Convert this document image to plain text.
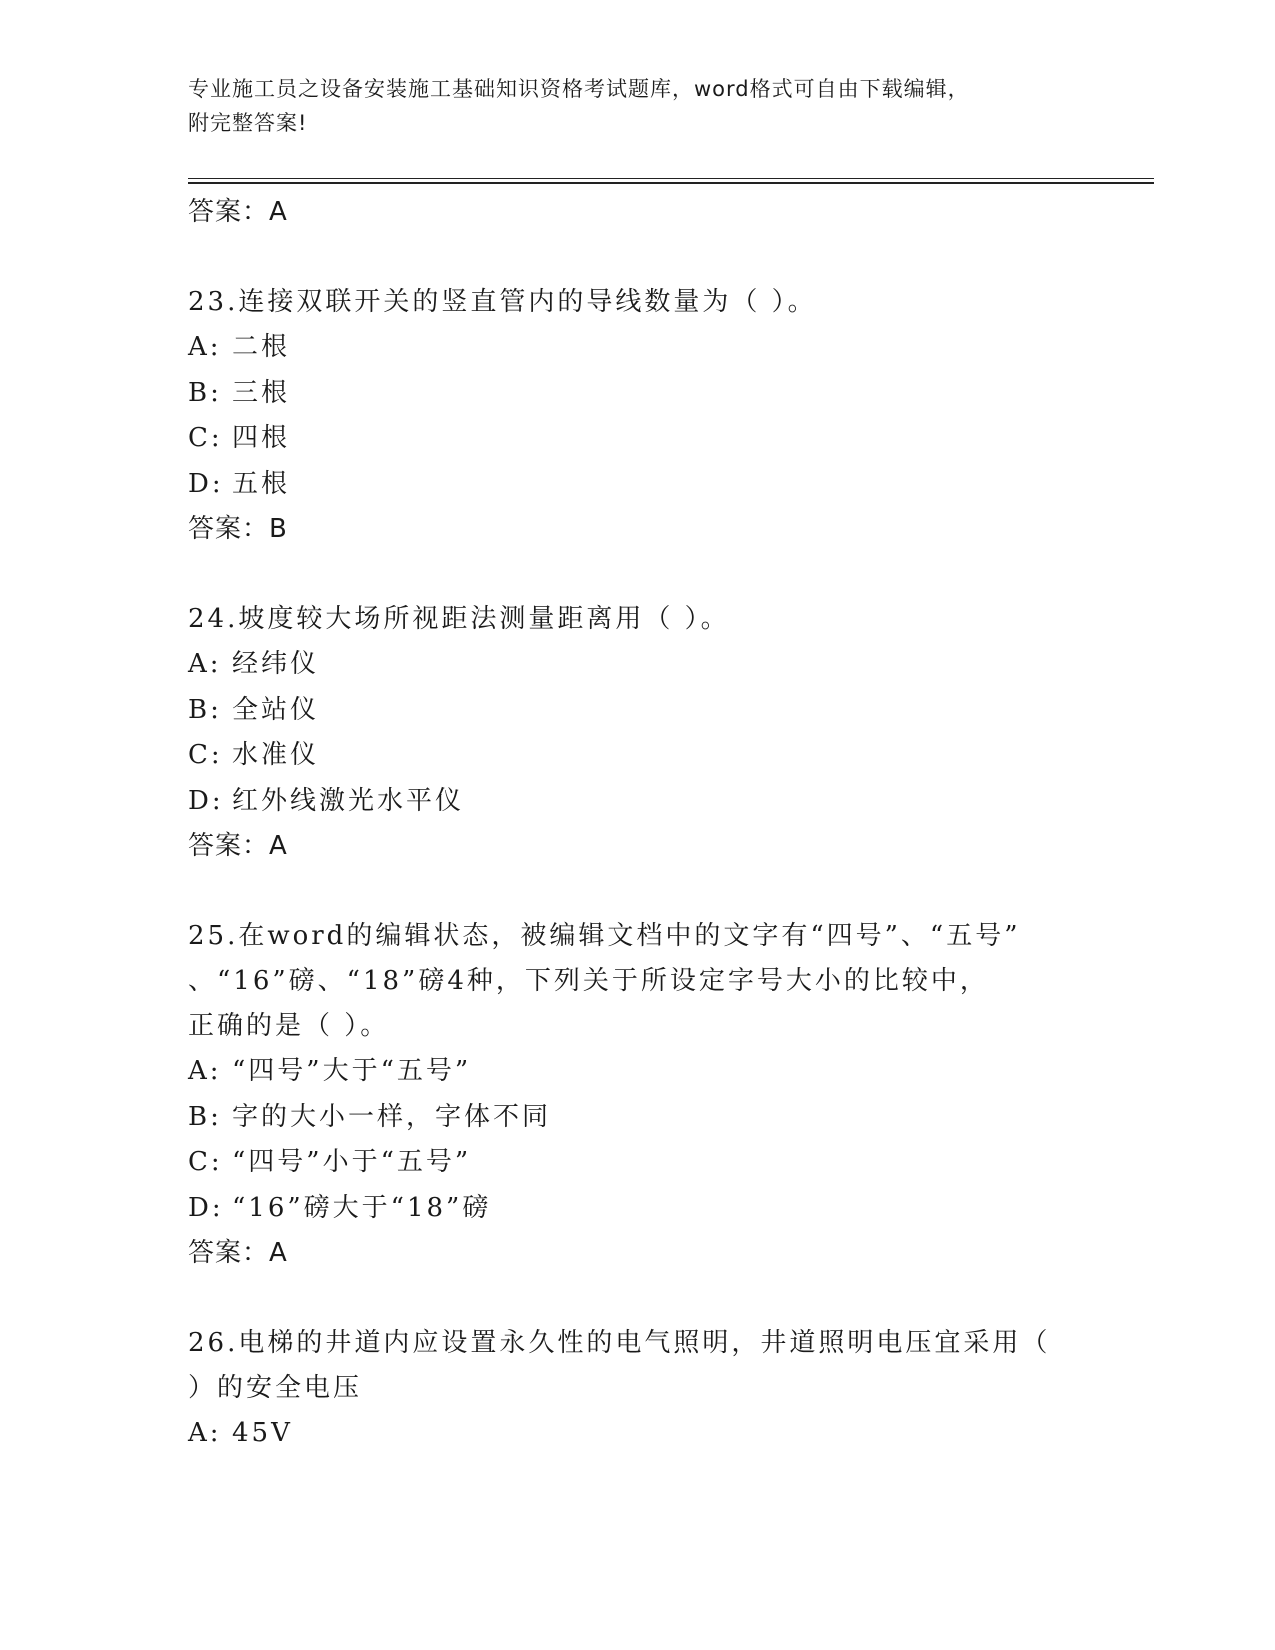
专业施工员之设备安装施工基础知识资格考试题库，word格式可自由下载编辑，
附完整答案!
答案：A
23.连接双联开关的竖直管内的导线数量为（ ）。
A: 二根
B: 三根
C: 四根
D: 五根
答案：B
24.坡度较大场所视距法测量距离用（ ）。
A: 经纬仪
B: 全站仪
C: 水准仪
D: 红外线激光水平仪
答案：A
25.在word的编辑状态，被编辑文档中的文字有“四号”、“五号”
、“16”磅、“18”磅4种，下列关于所设定字号大小的比较中，
正确的是（ ）。
A: “四号”大于“五号”
B: 字的大小一样，字体不同
C: “四号”小于“五号”
D: “16”磅大于“18”磅
答案：A
26.电梯的井道内应设置永久性的电气照明，井道照明电压宜采用（
）的安全电压
A: 45V
